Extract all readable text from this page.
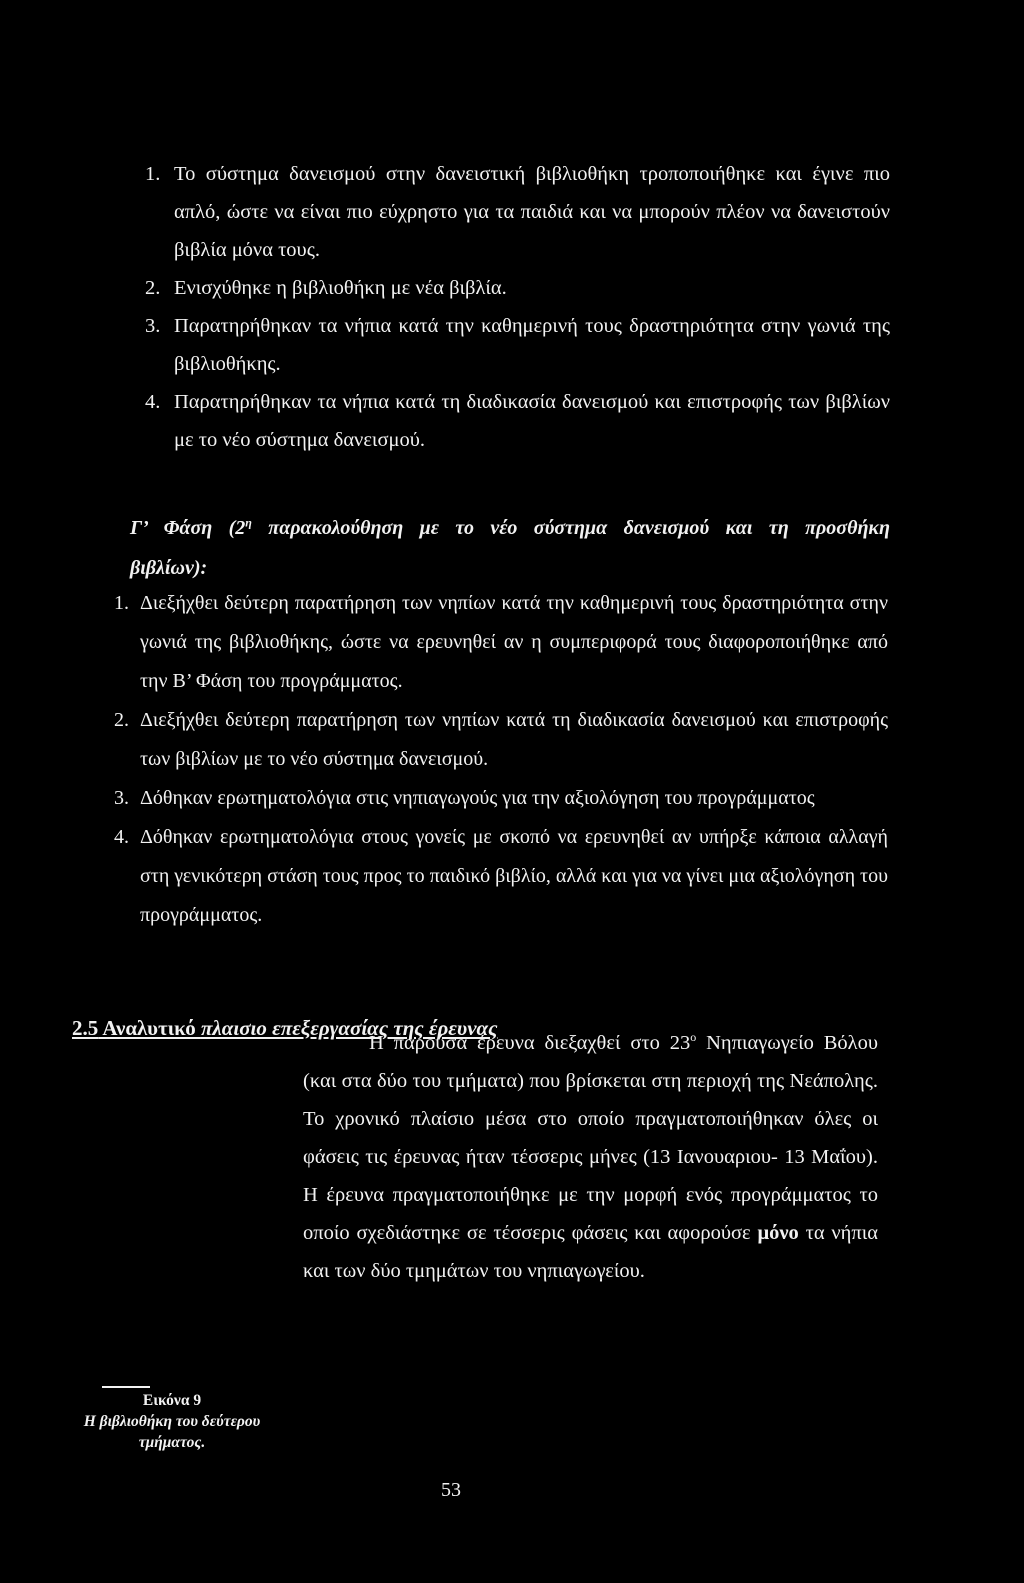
1. Το σύστημα δανεισμού στην δανειστική βιβλιοθήκη τροποποιήθηκε και έγινε πιο απλό, ώστε να είναι πιο εύχρηστο για τα παιδιά και να μπορούν πλέον να δανειστούν βιβλία μόνα τους.
2. Ενισχύθηκε η βιβλιοθήκη με νέα βιβλία.
3. Παρατηρήθηκαν τα νήπια κατά την καθημερινή τους δραστηριότητα στην γωνιά της βιβλιοθήκης.
4. Παρατηρήθηκαν τα νήπια κατά τη διαδικασία δανεισμού και επιστροφής των βιβλίων με το νέο σύστημα δανεισμού.
Γ’ Φάση ($2^\eta$ παρακολούθηση με το νέο σύστημα δανεισμού και τη προσθήκη βιβλίων):
1. Διεξήχθει δεύτερη παρατήρηση των νηπίων κατά την καθημερινή τους δραστηριότητα στην γωνιά της βιβλιοθήκης, ώστε να ερευνηθεί αν η συμπεριφορά τους διαφοροποιήθηκε από την Β’ Φάση του προγράμματος.
2. Διεξήχθει δεύτερη παρατήρηση των νηπίων κατά τη διαδικασία δανεισμού και επιστροφής των βιβλίων με το νέο σύστημα δανεισμού.
3. Δόθηκαν ερωτηματολόγια στις νηπιαγωγούς για την αξιολόγηση του προγράμματος
4. Δόθηκαν ερωτηματολόγια στους γονείς με σκοπό να ερευνηθεί αν υπήρξε κάποια αλλαγή στη γενικότερη στάση τους προς το παιδικό βιβλίο, αλλά και για να γίνει μια αξιολόγηση του προγράμματος.
2.5 Αναλυτικό πλαισιο επεξεργασίας της έρευνας
Η παρούσα έρευνα διεξαχθεί στο $23^o$ Νηπιαγωγείο Βόλου (και στα δύο του τμήματα) που βρίσκεται στη περιοχή της Νεάπολης. Το χρονικό πλαίσιο μέσα στο οποίο πραγματοποιήθηκαν όλες οι φάσεις τις έρευνας ήταν τέσσερις μήνες (13 Ιανουαριου- 13 Μαΐου). Η έρευνα πραγματοποιήθηκε με την μορφή ενός προγράμματος το οποίο σχεδιάστηκε σε τέσσερις φάσεις και αφορούσε μόνο τα νήπια και των δύο τμημάτων του νηπιαγωγείου.
Εικόνα 9
Η βιβλιοθήκη του δεύτερου τμήματος.
53
